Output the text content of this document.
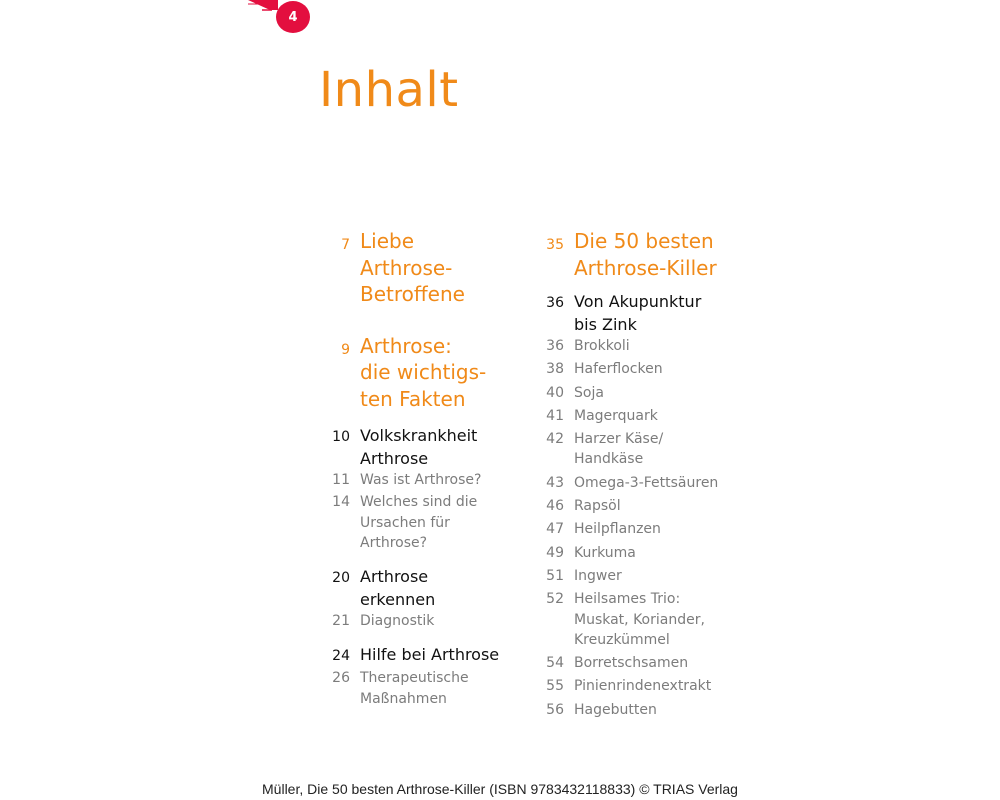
4
Inhalt
7 Liebe
Arthrose-
Betroffene
9 Arthrose:
die wichtigs-
ten Fakten
10 Volkskrankheit
Arthrose
11 Was ist Arthrose?
14 Welches sind die
Ursachen für
Arthrose?
20 Arthrose
erkennen
21 Diagnostik
24 Hilfe bei Arthrose
26 Therapeutische
Maßnahmen
35 Die 50 besten
Arthrose-Killer
36 Von Akupunktur
bis Zink
36 Brokkoli
38 Haferflocken
40 Soja
41 Magerquark
42 Harzer Käse/
Handkäse
43 Omega-3-Fettsäuren
46 Rapsöl
47 Heilpflanzen
49 Kurkuma
51 Ingwer
52 Heilsames Trio:
Muskat, Koriander,
Kreuzkümmel
54 Borretschsamen
55 Pinienrindenextrakt
56 Hagebutten
Müller, Die 50 besten Arthrose-Killer (ISBN 9783432118833) © TRIAS Verlag
